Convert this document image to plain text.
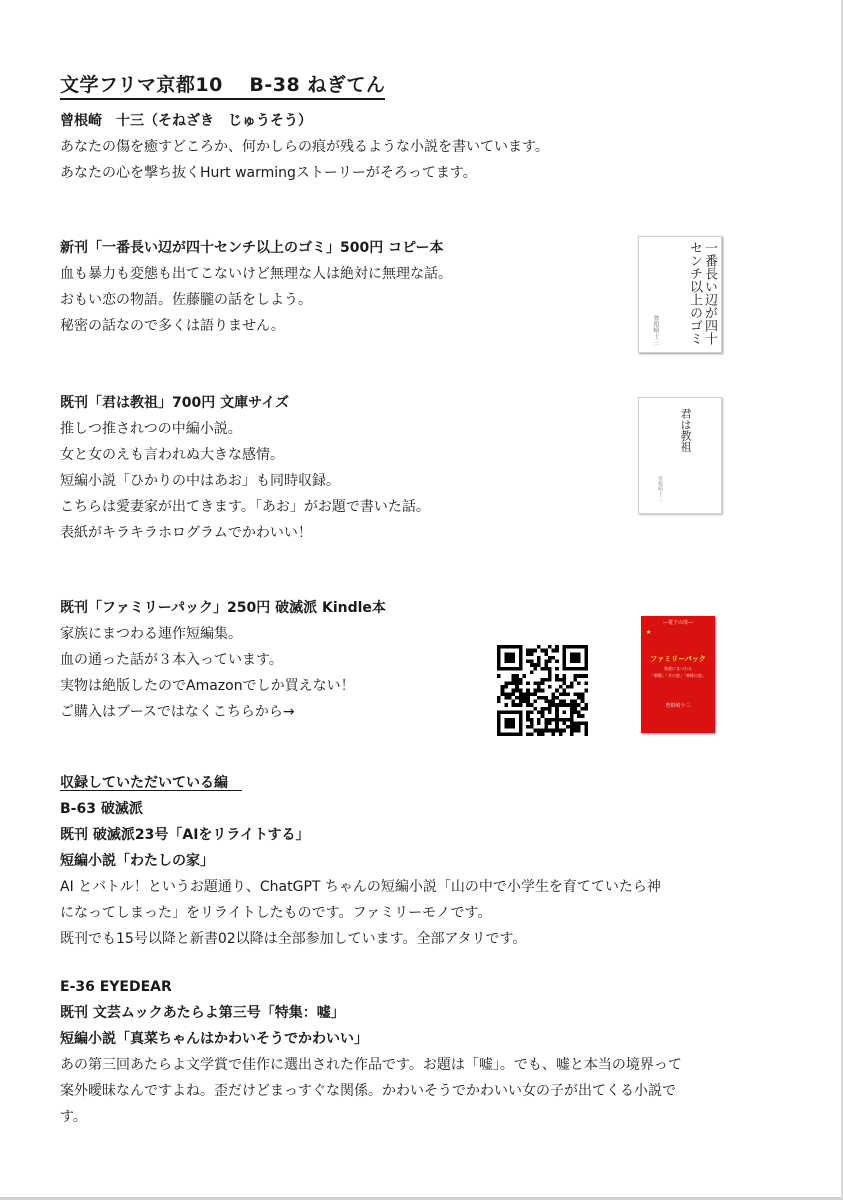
文学フリマ京都10　 B-38 ねぎてん
曾根崎　十三（そねざき　じゅうそう）
あなたの傷を癒すどころか、何かしらの痕が残るような小説を書いています。
あなたの心を撃ち抜くHurt warmingストーリーがそろってます。
新刊「一番長い辺が四十センチ以上のゴミ」500円 コピー本
血も暴力も変態も出てこないけど無理な人は絶対に無理な話。
おもい恋の物語。佐藤朧の話をしよう。
秘密の話なので多くは語りません。	一番長い辺が四十センチ以上のゴミ
曾根崎十三
既刊「君は教祖」700円 文庫サイズ
推しつ推されつの中編小説。
女と女のえも言われぬ大きな感情。
短編小説「ひかりの中はあお」も同時収録。
こちらは愛妻家が出てきます。「あお」がお題で書いた話。
表紙がキラキラホログラムでかわいい！
君は教祖
曾根崎十三
既刊「ファミリーパック」250円 破滅派 Kindle本
家族にまつわる連作短編集。
血の通った話が３本入っています。
実物は絶版したのでAmazonでしか買えない！
ご購入はブースではなくこちらから→
―電子の扉―
★
ファミリーパック
家族にまつわる
「朝陽」「月の窓」「神様の話」
曾根崎十三
収録していただいている編　
B-63 破滅派
既刊 破滅派23号「AIをリライトする」
短編小説「わたしの家」
AI とバトル！というお題通り、ChatGPT ちゃんの短編小説「山の中で小学生を育てていたら神
になってしまった」をリライトしたものです。ファミリーモノです。
既刊でも15号以降と新書02以降は全部参加しています。全部アタリです。
E-36 EYEDEAR
既刊 文芸ムックあたらよ第三号「特集：嘘」
短編小説「真菜ちゃんはかわいそうでかわいい」
あの第三回あたらよ文学賞で佳作に選出された作品です。お題は「嘘」。でも、嘘と本当の境界って
案外曖昧なんですよね。歪だけどまっすぐな関係。かわいそうでかわいい女の子が出てくる小説で
す。
